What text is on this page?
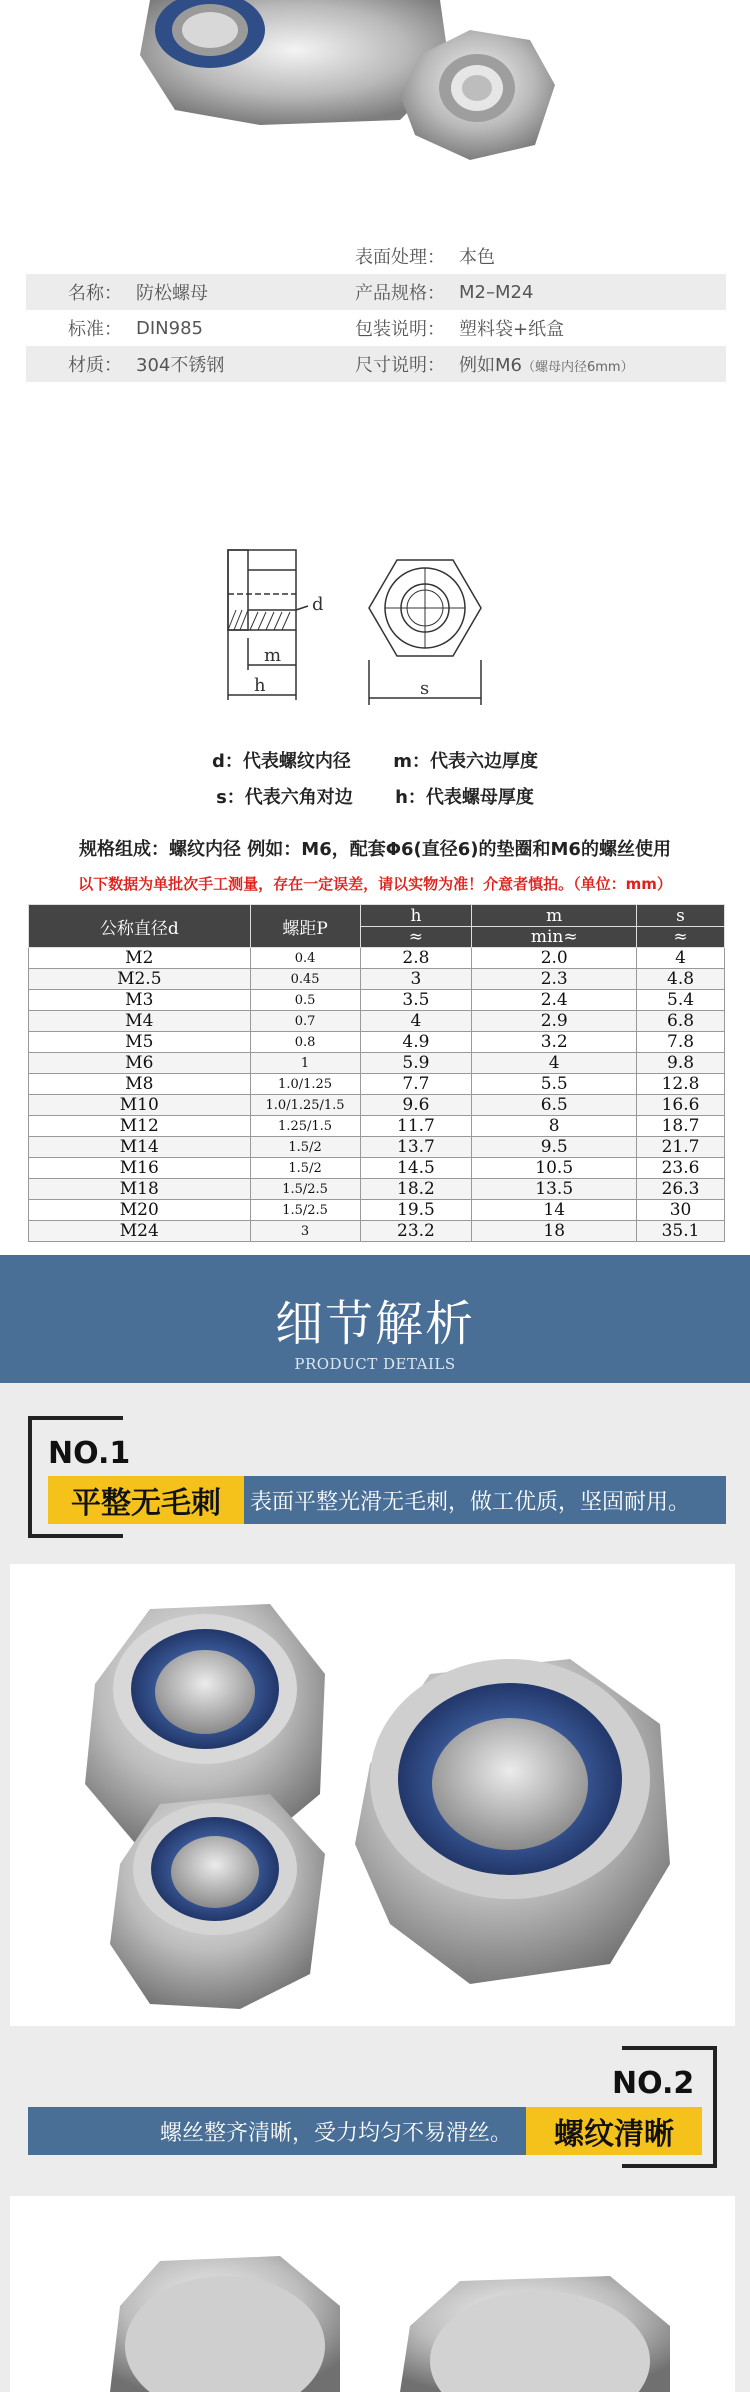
表面处理： 本色
名称： 防松螺母	产品规格： M2–M24
标准： DIN985	包装说明： 塑料袋+纸盒
材质： 304不锈钢	尺寸说明： 例如M6（螺母内径6mm）
d
m
h	s
d：代表螺纹内径 m：代表六边厚度
s：代表六角对边 h：代表螺母厚度
规格组成：螺纹内径 例如：M6，配套Φ6(直径6)的垫圈和M6的螺丝使用
以下数据为单批次手工测量，存在一定误差，请以实物为准！介意者慎拍。（单位：mm）
公称直径d	螺距P	h	m	s
		≈	min≈	≈
M2	0.4	2.8	2.0	4
M2.5	0.45	3	2.3	4.8
M3	0.5	3.5	2.4	5.4
M4	0.7	4	2.9	6.8
M5	0.8	4.9	3.2	7.8
M6	1	5.9	4	9.8
M8	1.0/1.25	7.7	5.5	12.8
M10	1.0/1.25/1.5	9.6	6.5	16.6
M12	1.25/1.5	11.7	8	18.7
M14	1.5/2	13.7	9.5	21.7
M16	1.5/2	14.5	10.5	23.6
M18	1.5/2.5	18.2	13.5	26.3
M20	1.5/2.5	19.5	14	30
M24	3	23.2	18	35.1
细节解析
PRODUCT DETAILS
NO.1
平整无毛刺	表面平整光滑无毛刺，做工优质，坚固耐用。
NO.2
螺丝整齐清晰，受力均匀不易滑丝。	螺纹清晰
